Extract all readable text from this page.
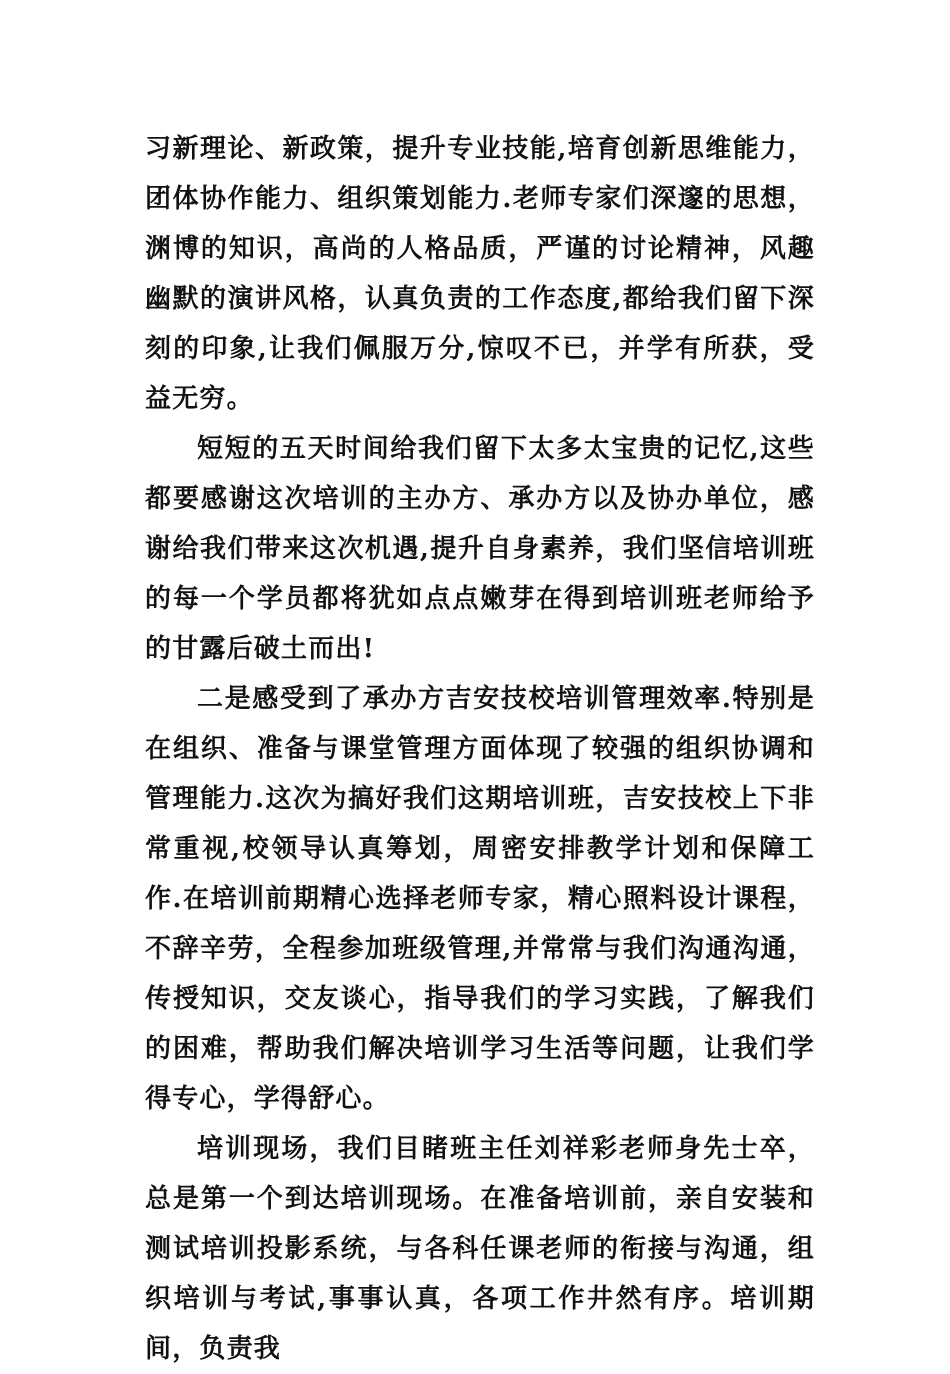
习新理论、新政策，提升专业技能,培育创新思维能力，团体协作能力、组织策划能力.老师专家们深邃的思想，渊博的知识，高尚的人格品质，严谨的讨论精神，风趣幽默的演讲风格，认真负责的工作态度,都给我们留下深刻的印象,让我们佩服万分,惊叹不已，并学有所获，受益无穷。

短短的五天时间给我们留下太多太宝贵的记忆,这些都要感谢这次培训的主办方、承办方以及协办单位，感谢给我们带来这次机遇,提升自身素养，我们坚信培训班的每一个学员都将犹如点点嫩芽在得到培训班老师给予的甘露后破土而出!

二是感受到了承办方吉安技校培训管理效率.特别是在组织、准备与课堂管理方面体现了较强的组织协调和管理能力.这次为搞好我们这期培训班，吉安技校上下非常重视,校领导认真筹划，周密安排教学计划和保障工作.在培训前期精心选择老师专家，精心照料设计课程，不辞辛劳，全程参加班级管理,并常常与我们沟通沟通，传授知识，交友谈心，指导我们的学习实践，了解我们的困难，帮助我们解决培训学习生活等问题，让我们学得专心，学得舒心。

培训现场，我们目睹班主任刘祥彩老师身先士卒，总是第一个到达培训现场。在准备培训前，亲自安装和测试培训投影系统，与各科任课老师的衔接与沟通，组织培训与考试,事事认真，各项工作井然有序。培训期间，负责我
